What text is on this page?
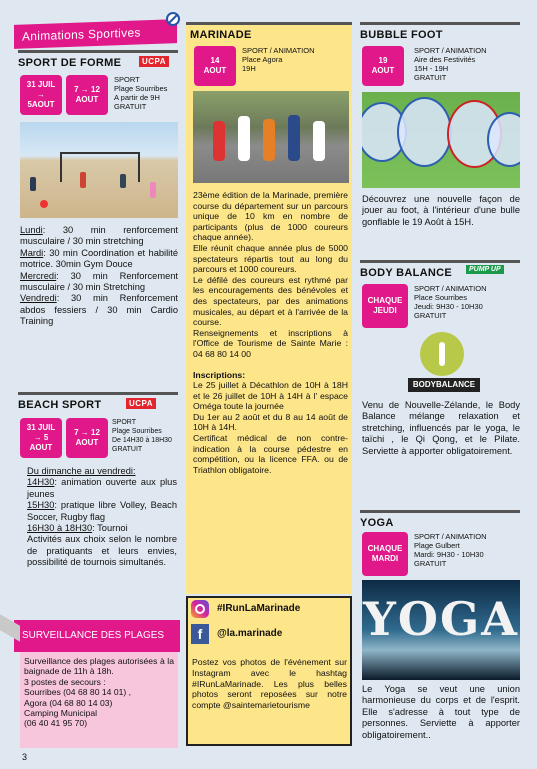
Animations Sportives
SPORT DE FORME	UCPA
31 JUIL → 5AOUT
7 → 12 AOUT
SPORT
Plage Sourribes
A partir de 9H
GRATUIT
Lundi: 30 min renforcement musculaire / 30 min stretching
Mardi: 30 min Coordination et habilité motrice. 30min Gym Douce
Mercredi: 30 min Renforcement musculaire / 30 min Stretching
Vendredi: 30 min Renforcement abdos fessiers / 30 min Cardio Training
BEACH SPORT	UCPA
31 JUIL → 5 AOUT
7 → 12 AOUT
SPORT
Plage Sourribes
De 14H30 à 18H30
GRATUIT
Du dimanche au vendredi:
14H30: animation ouverte aux plus jeunes
15H30: pratique libre Volley, Beach Soccer, Rugby flag
16H30 à 18H30: Tournoi
Activités aux choix selon le nombre de pratiquants et leurs envies, possibilité de tournois simultanés.
SURVEILLANCE DES PLAGES
Surveillance des plages autorisées à la baignade de 11h à 18h.
3 postes de secours :
Sourribes (04 68 80 14 01) ,
Agora (04 68 80 14 03)
Camping Municipal
(06 40 41 95 70)
3
MARINADE
14 AOUT
SPORT / ANIMATION
Place Agora
19H
23ème édition de la Marinade, première course du département sur un parcours unique de 10 km en nombre de participants (plus de 1000 coureurs chaque année).
Elle réunit chaque année plus de 5000 spectateurs répartis tout au long du parcours et 1000 coureurs.
Le défilé des coureurs est rythmé par les encouragements des bénévoles et des spectateurs, par des animations musicales, au départ et à l'arrivée de la course.
Renseignements et inscriptions à l'Office de Tourisme de Sainte Marie : 04 68 80 14 00
Inscriptions:
Le 25 juillet à Décathlon de 10H à 18H et le 26 juillet de 10H à 14H à l' espace Oméga toute la journée
Du 1er au 2 août et du 8 au 14 août de 10H à 14H.
Certificat médical de non contre-indication à la course pédestre en compétition, ou la licence FFA. ou de Triathlon obligatoire.
#IRunLaMarinade
f	@la.marinade
Postez vos photos de l'événement sur Instagram avec le hashtag #IRunLaMarinade. Les plus belles photos seront reposées sur notre compte @saintemarietourisme
BUBBLE FOOT
19 AOUT
SPORT / ANIMATION
Aire des Festivités
15H - 19H
GRATUIT
Découvrez une nouvelle façon de jouer au foot, à l'intérieur d'une bulle gonflable le 19 Août à 15H.
BODY BALANCE	PUMP UP
CHAQUE JEUDI
SPORT / ANIMATION
Place Sourribes
Jeudi: 9H30 - 10H30
GRATUIT
BODYBALANCE
Venu de Nouvelle-Zélande, le Body Balance mélange relaxation et stretching, influencés par le yoga, le taïchi , le Qi Qong, et le Pilate. Serviette à apporter obligatoirement.
YOGA
CHAQUE MARDI
SPORT / ANIMATION
Plage Gulbert
Mardi: 9H30 - 10H30
GRATUIT
YOGA
Le Yoga se veut une union harmonieuse du corps et de l'esprit. Elle s'adresse à tout type de personnes. Serviette à apporter obligatoirement..
